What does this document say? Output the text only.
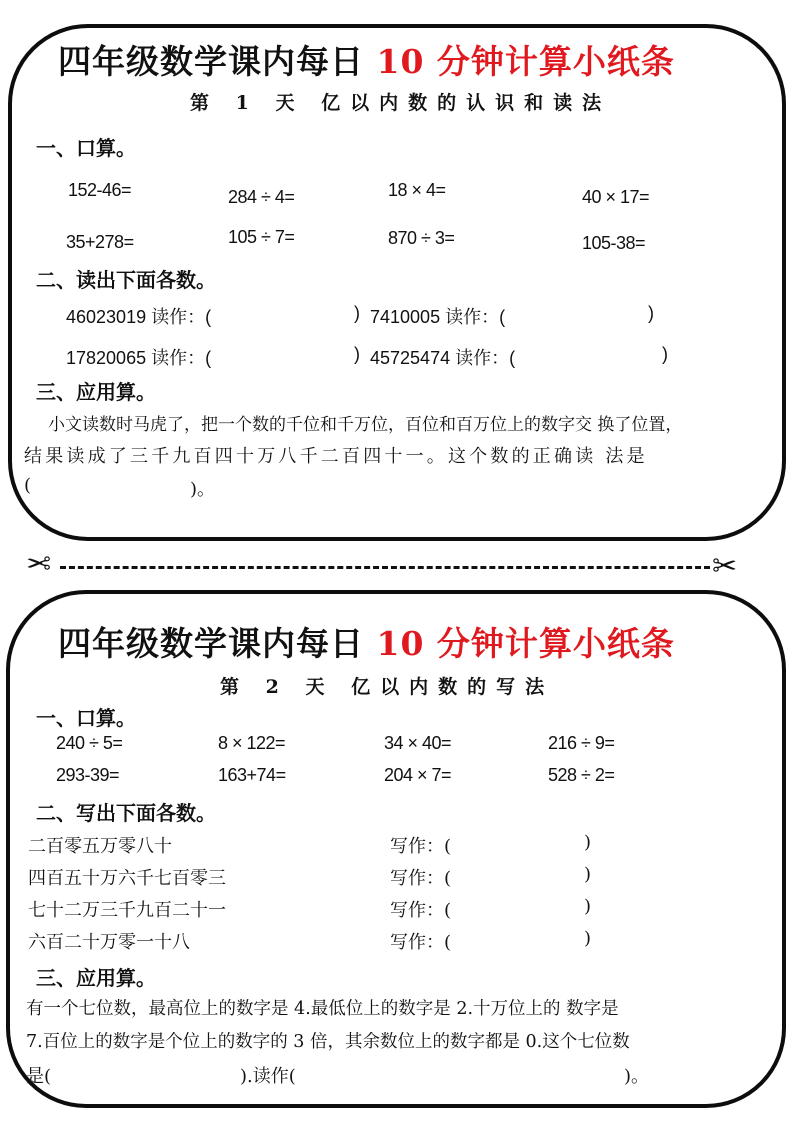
四年级数学课内每日 10 分钟计算小纸条
第 1 天 亿以内数的认识和读法
一、口算。
152-46=	284 ÷ 4=	18 × 4=	40 × 17=
35+278=	105 ÷ 7=	870 ÷ 3=	105-38=
二、读出下面各数。
46023019 读作：(	) 7410005 读作：(	)
17820065 读作：(	) 45725474 读作：(	)
三、应用算。
小文读数时马虎了，把一个数的千位和千万位，百位和百万位上的数字交 换了位置，
结果读成了三千九百四十万八千二百四十一。这个数的正确读 法是
(	)。
✂	✂
四年级数学课内每日 10 分钟计算小纸条
第 2 天 亿以内数的写法
一、口算。
240 ÷ 5=	8 × 122=	34 × 40=	216 ÷ 9=
293-39=	163+74=	204 × 7=	528 ÷ 2=
二、写出下面各数。
二百零五万零八十	写作：(	)
四百五十万六千七百零三	写作：(	)
七十二万三千九百二十一	写作：(	)
六百二十万零一十八	写作：(	)
三、应用算。
有一个七位数，最高位上的数字是 4.最低位上的数字是 2.十万位上的 数字是
7.百位上的数字是个位上的数字的 3 倍，其余数位上的数字都是 0.这个七位数
是(	).读作(	)。
